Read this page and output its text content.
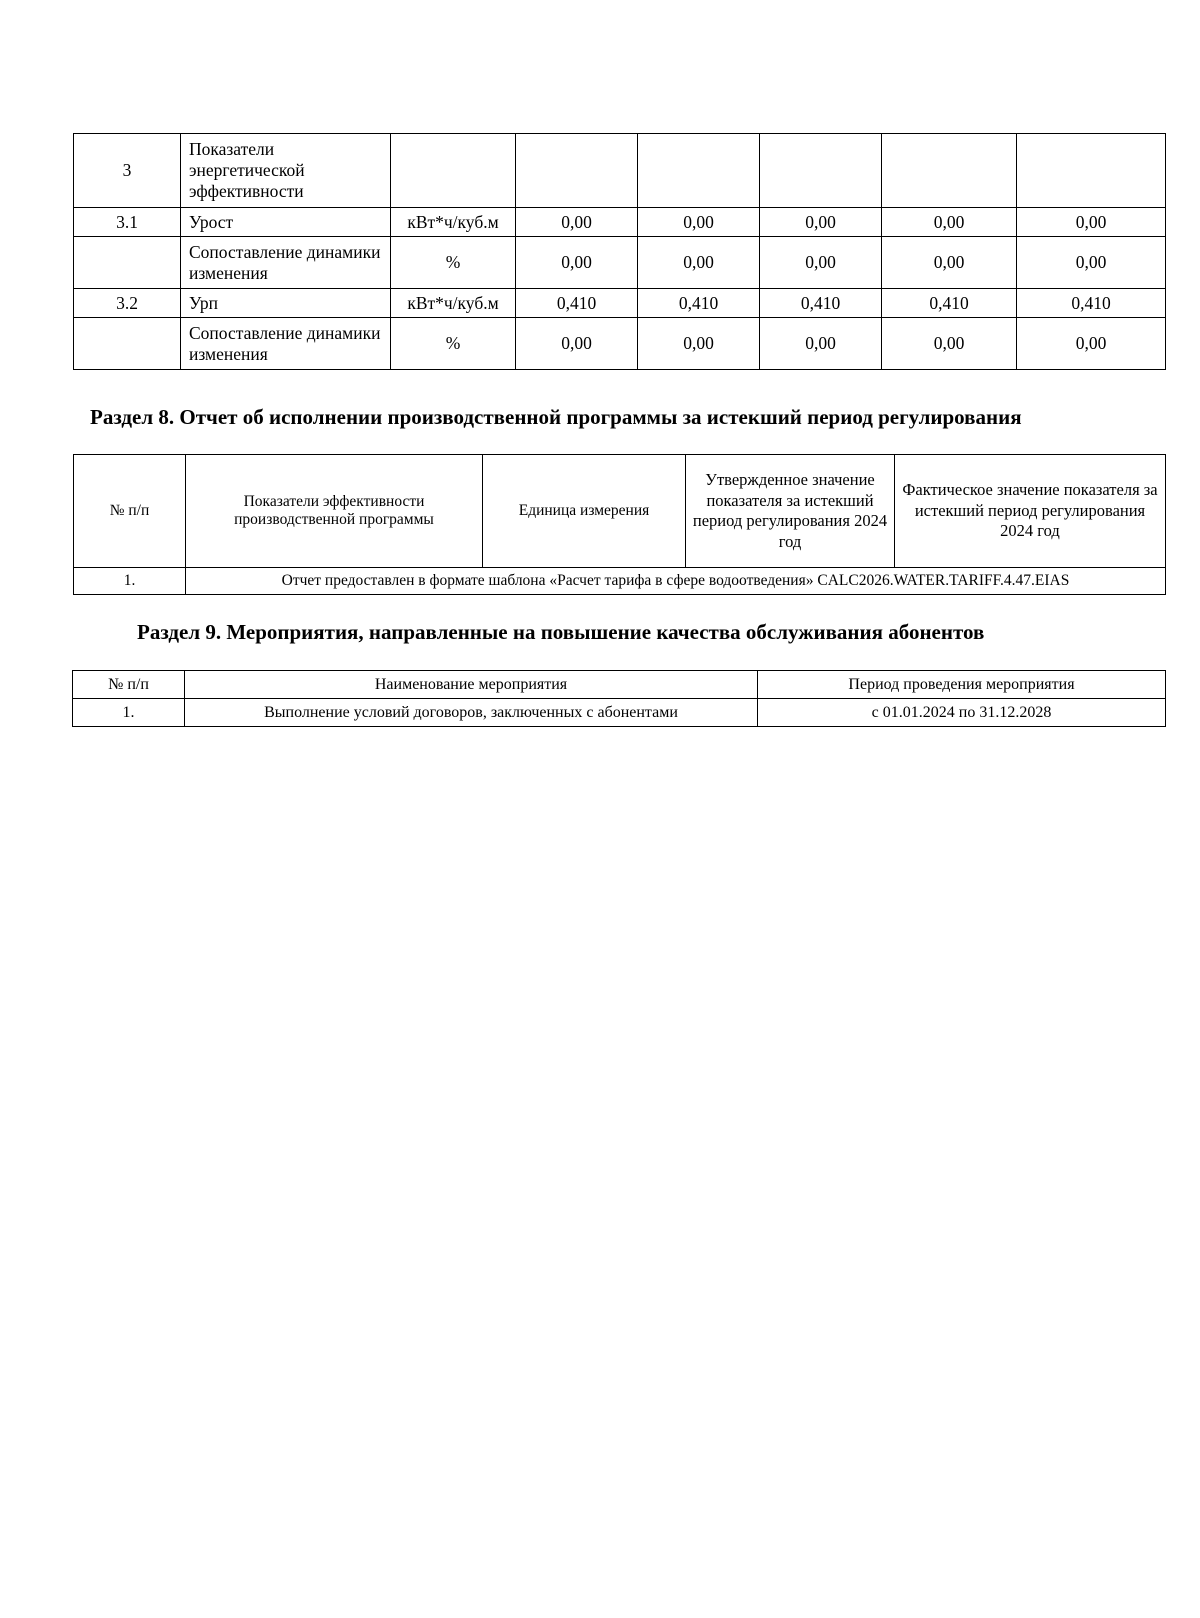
3	Показатели энергетической эффективности						
3.1	Урост	кВт*ч/куб.м	0,00	0,00	0,00	0,00	0,00
	Сопоставление динамики изменения	%	0,00	0,00	0,00	0,00	0,00
3.2	Урп	кВт*ч/куб.м	0,410	0,410	0,410	0,410	0,410
	Сопоставление динамики изменения	%	0,00	0,00	0,00	0,00	0,00
Раздел 8. Отчет об исполнении производственной программы за истекший период регулирования
№ п/п	Показатели эффективности производственной программы	Единица измерения	Утвержденное значение показателя за истекший период регулирования 2024 год	Фактическое значение показателя за истекший период регулирования 2024 год
1.	Отчет предоставлен в формате шаблона «Расчет тарифа в сфере водоотведения» CALC2026.WATER.TARIFF.4.47.EIAS			
Раздел 9. Мероприятия, направленные на повышение качества обслуживания абонентов
№ п/п	Наименование мероприятия	Период проведения мероприятия
1.	Выполнение условий договоров, заключенных с абонентами	с 01.01.2024 по 31.12.2028
